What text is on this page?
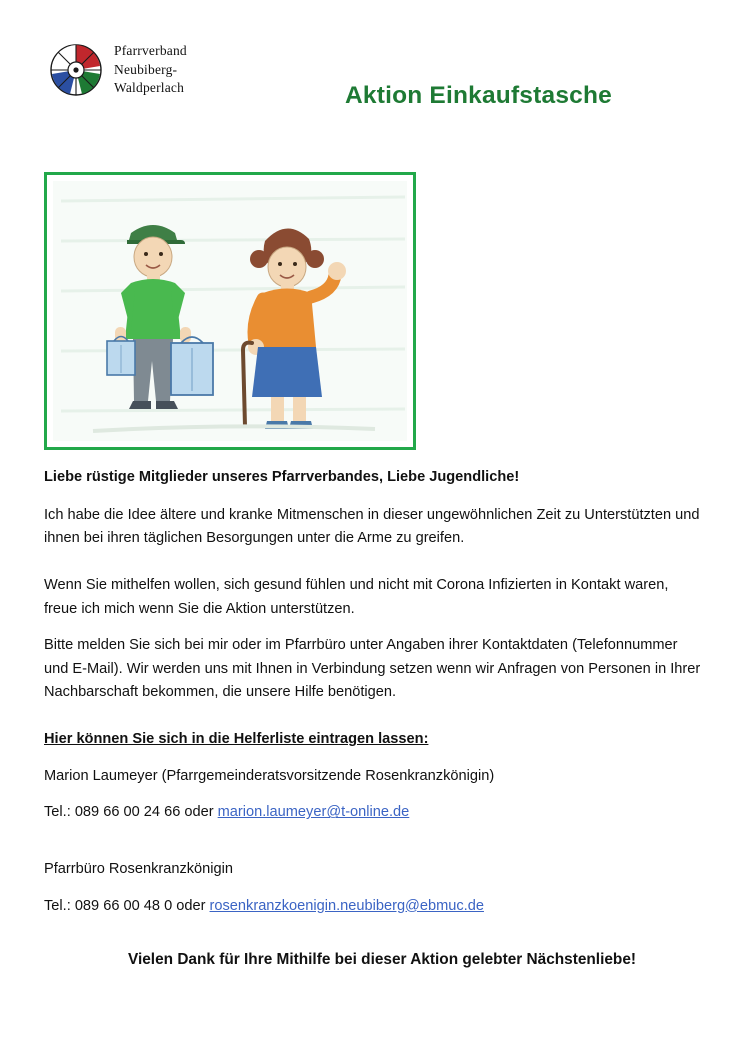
Pfarrverband
Neubiberg-
Waldperlach	Aktion Einkaufstasche

Liebe rüstige Mitglieder unseres Pfarrverbandes, Liebe Jugendliche!

Ich habe die Idee ältere und kranke Mitmenschen in dieser ungewöhnlichen Zeit zu Unterstützten und ihnen bei ihren täglichen Besorgungen unter die Arme zu greifen.

Wenn Sie mithelfen wollen, sich gesund fühlen und nicht mit Corona Infizierten in Kontakt waren, freue ich mich wenn Sie die Aktion unterstützen.

Bitte melden Sie sich bei mir oder im Pfarrbüro unter Angaben ihrer Kontaktdaten (Telefonnummer und E-Mail). Wir werden uns mit Ihnen in Verbindung setzen wenn wir Anfragen von Personen in Ihrer Nachbarschaft bekommen, die unsere Hilfe benötigen.

Hier können Sie sich in die Helferliste eintragen lassen:

Marion Laumeyer (Pfarrgemeinderatsvorsitzende Rosenkranzkönigin)

Tel.: 089 66 00 24 66 oder marion.laumeyer@t-online.de

Pfarrbüro Rosenkranzkönigin

Tel.: 089 66 00 48 0 oder rosenkranzkoenigin.neubiberg@ebmuc.de

Vielen Dank für Ihre Mithilfe bei dieser Aktion gelebter Nächstenliebe!
